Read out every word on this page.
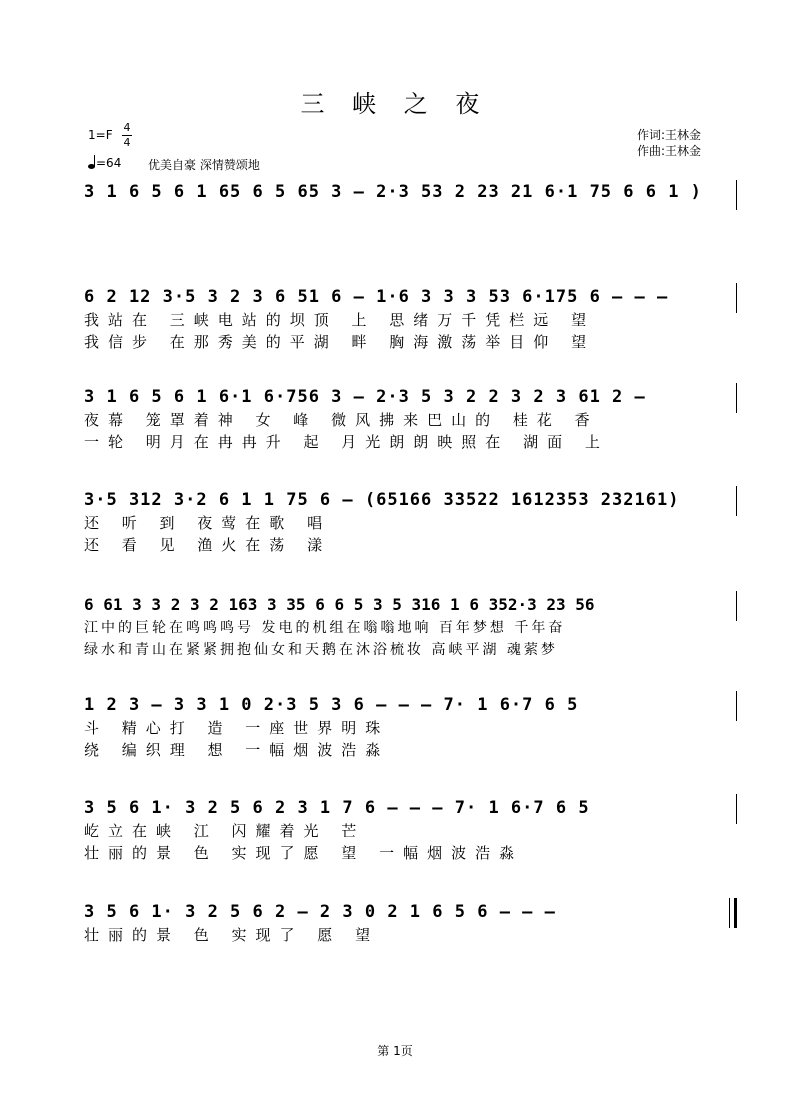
三 峡 之 夜
1=F
4
4
=64 优美自豪 深情赞颂地
作词:王林金
作曲:王林金
3 1 6 5 6 1 65 6 5 65 3 – 2·3 53 2 23 21 6·1 75 6 6 1 )
6 2 12 3·5 3 2 3 6 51 6 – 1·6 3 3 3 53 6·175 6 – – –
我站在 三峡电站的坝顶 上 思绪万千凭栏远 望
我信步 在那秀美的平湖 畔 胸海激荡举目仰 望
3 1 6 5 6 1 6·1 6·756 3 – 2·3 5 3 2 2 3 2 3 61 2 –
夜幕 笼罩着神 女 峰 微风拂来巴山的 桂花 香
一轮 明月在冉冉升 起 月光朗朗映照在 湖面 上
3·5 312 3·2 6 1 1 75 6 – (65166 33522 1612353 232161)
还 听 到 夜莺在歌 唱
还 看 见 渔火在荡 漾
6 61 3 3 2 3 2 163 3 35 6 6 5 3 5 316 1 6 352·3 23 56
江中的巨轮在鸣鸣鸣号 发电的机组在嗡嗡地响 百年梦想 千年奋
绿水和青山在紧紧拥抱仙女和天鹅在沐浴梳妆 高峡平湖 魂萦梦
1 2 3 – 3 3 1 0 2·3 5 3 6 – – – 7· 1 6·7 6 5
斗 精心打 造 一座世界明珠
绕 编织理 想 一幅烟波浩淼
3 5 6 1· 3 2 5 6 2 3 1 7 6 – – – 7· 1 6·7 6 5
屹立在峡 江 闪耀着光 芒
壮丽的景 色 实现了愿 望 一幅烟波浩淼
3 5 6 1· 3 2 5 6 2 – 2 3 0 2 1 6 5 6 – – –
壮丽的景 色 实现了 愿 望
第 1页
